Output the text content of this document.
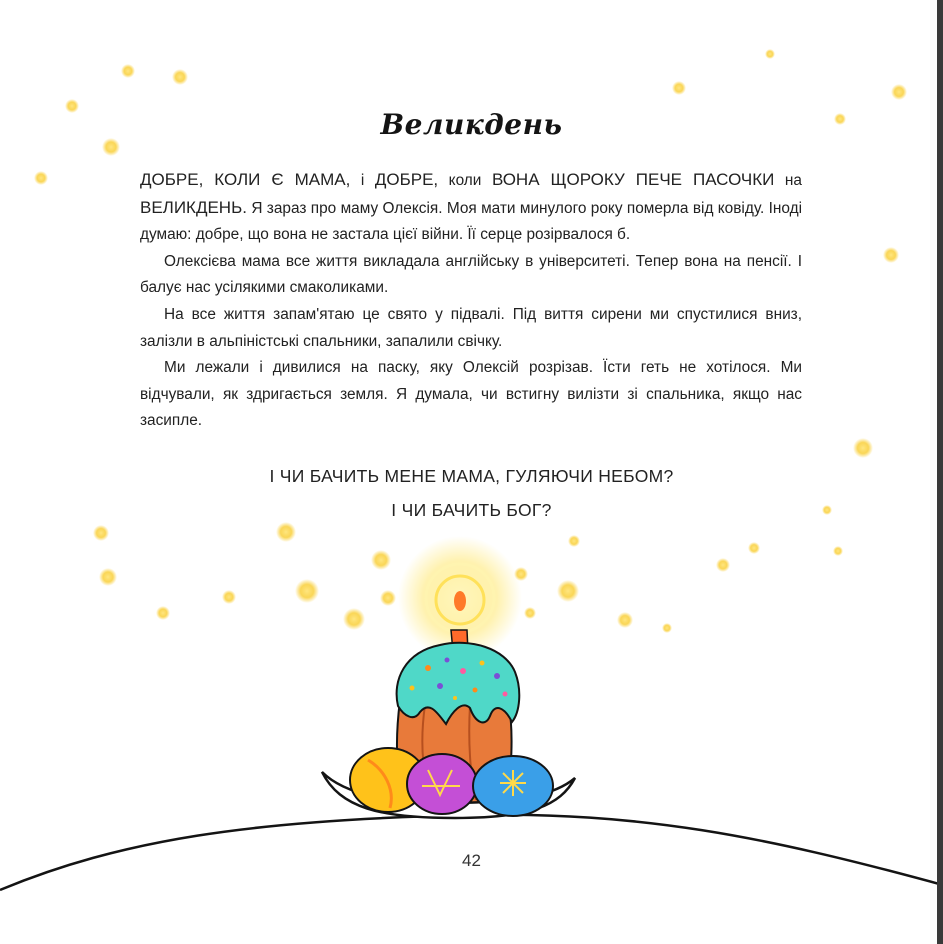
Великдень

ДОБРЕ, КОЛИ Є МАМА, і ДОБРЕ, коли ВОНА ЩОРОКУ ПЕЧЕ ПАСОЧКИ на ВЕЛИКДЕНЬ. Я зараз про маму Олексія. Моя мати минулого року померла від ковіду. Іноді думаю: добре, що вона не застала цієї війни. Її серце розірвалося б.

Олексієва мама все життя викладала англійську в університеті. Тепер вона на пенсії. І балує нас усілякими смаколиками.

На все життя запам'ятаю це свято у підвалі. Під виття сирени ми спустилися вниз, залізли в альпіністські спальники, запалили свічку.

Ми лежали і дивилися на паску, яку Олексій розрізав. Їсти геть не хотілося. Ми відчували, як здригається земля. Я думала, чи встигну вилізти зі спальника, якщо нас засипле.

І ЧИ БАЧИТЬ МЕНЕ МАМА, ГУЛЯЮЧИ НЕБОМ?
І ЧИ БАЧИТЬ БОГ?
42
